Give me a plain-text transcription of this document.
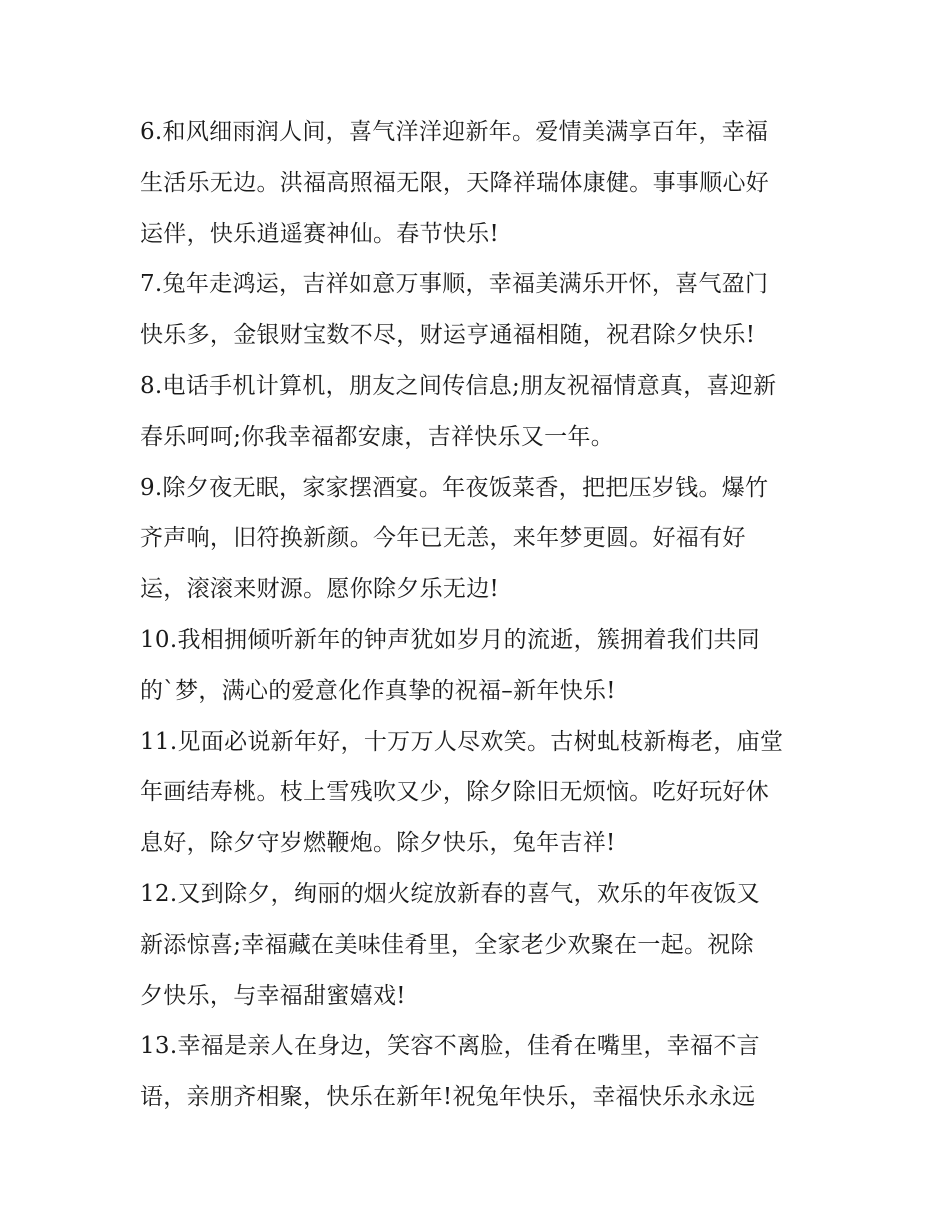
6.和风细雨润人间，喜气洋洋迎新年。爱情美满享百年，幸福
生活乐无边。洪福高照福无限，天降祥瑞体康健。事事顺心好
运伴，快乐逍遥赛神仙。春节快乐!
7.兔年走鸿运，吉祥如意万事顺，幸福美满乐开怀，喜气盈门
快乐多，金银财宝数不尽，财运亨通福相随，祝君除夕快乐!
8.电话手机计算机，朋友之间传信息;朋友祝福情意真，喜迎新
春乐呵呵;你我幸福都安康，吉祥快乐又一年。
9.除夕夜无眠，家家摆酒宴。年夜饭菜香，把把压岁钱。爆竹
齐声响，旧符换新颜。今年已无恙，来年梦更圆。好福有好
运，滚滚来财源。愿你除夕乐无边!
10.我相拥倾听新年的钟声犹如岁月的流逝，簇拥着我们共同
的`梦，满心的爱意化作真挚的祝福–新年快乐!
11.见面必说新年好，十万万人尽欢笑。古树虬枝新梅老，庙堂
年画结寿桃。枝上雪残吹又少，除夕除旧无烦恼。吃好玩好休
息好，除夕守岁燃鞭炮。除夕快乐，兔年吉祥!
12.又到除夕，绚丽的烟火绽放新春的喜气，欢乐的年夜饭又
新添惊喜;幸福藏在美味佳肴里，全家老少欢聚在一起。祝除
夕快乐，与幸福甜蜜嬉戏!
13.幸福是亲人在身边，笑容不离脸，佳肴在嘴里，幸福不言
语，亲朋齐相聚，快乐在新年!祝兔年快乐，幸福快乐永永远
